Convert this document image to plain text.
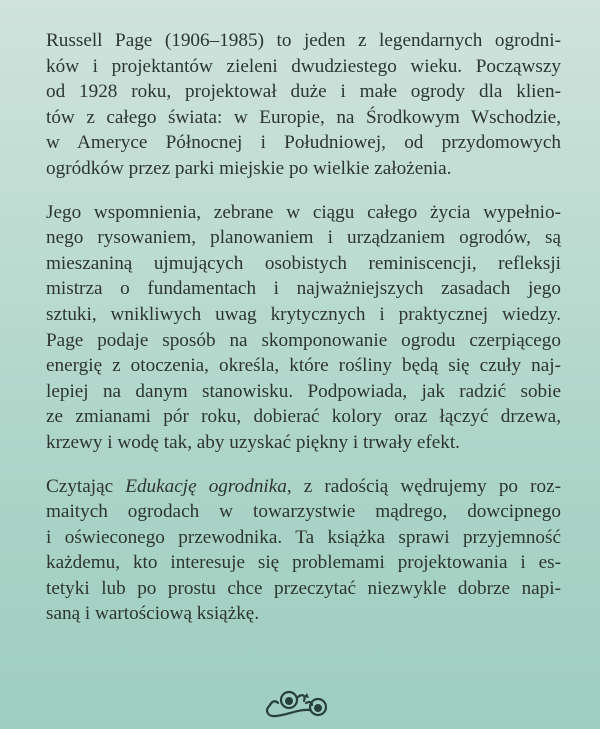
Russell Page (1906–1985) to jeden z legendarnych ogrodni-
ków i projektantów zieleni dwudziestego wieku. Począwszy
od 1928 roku, projektował duże i małe ogrody dla klien-
tów z całego świata: w Europie, na Środkowym Wschodzie,
w Ameryce Północnej i Południowej, od przydomowych
ogródków przez parki miejskie po wielkie założenia.

Jego wspomnienia, zebrane w ciągu całego życia wypełnio-
nego rysowaniem, planowaniem i urządzaniem ogrodów, są
mieszaniną ujmujących osobistych reminiscencji, refleksji
mistrza o fundamentach i najważniejszych zasadach jego
sztuki, wnikliwych uwag krytycznych i praktycznej wiedzy.
Page podaje sposób na skomponowanie ogrodu czerpiącego
energię z otoczenia, określa, które rośliny będą się czuły naj-
lepiej na danym stanowisku. Podpowiada, jak radzić sobie
ze zmianami pór roku, dobierać kolory oraz łączyć drzewa,
krzewy i wodę tak, aby uzyskać piękny i trwały efekt.

Czytając Edukację ogrodnika, z radością wędrujemy po roz-
maitych ogrodach w towarzystwie mądrego, dowcipnego
i oświeconego przewodnika. Ta książka sprawi przyjemność
każdemu, kto interesuje się problemami projektowania i es-
tetyki lub po prostu chce przeczytać niezwykle dobrze napi-
saną i wartościową książkę.
